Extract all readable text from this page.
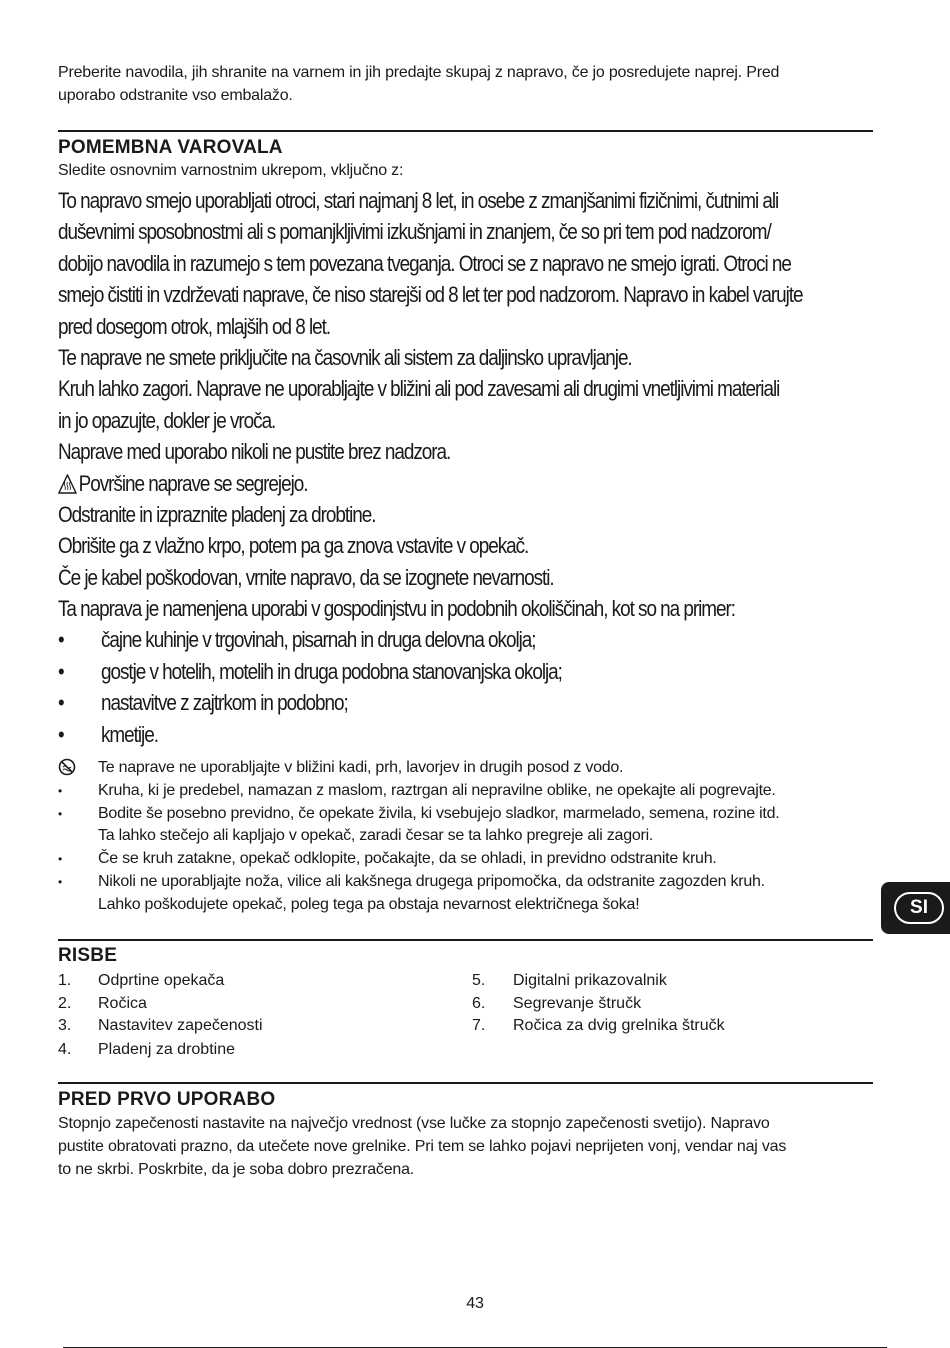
Preberite navodila, jih shranite na varnem in jih predajte skupaj z napravo, če jo posredujete naprej. Pred
uporabo odstranite vso embalažo.
POMEMBNA VAROVALA
Sledite osnovnim varnostnim ukrepom, vključno z:
To napravo smejo uporabljati otroci, stari najmanj 8 let, in osebe z zmanjšanimi fizičnimi, čutnimi ali
duševnimi sposobnostmi ali s pomanjkljivimi izkušnjami in znanjem, če so pri tem pod nadzorom/
dobijo navodila in razumejo s tem povezana tveganja. Otroci se z napravo ne smejo igrati. Otroci ne
smejo čistiti in vzdrževati naprave, če niso starejši od 8 let ter pod nadzorom. Napravo in kabel varujte
pred dosegom otrok, mlajših od 8 let.
Te naprave ne smete priključite na časovnik ali sistem za daljinsko upravljanje.
Kruh lahko zagori. Naprave ne uporabljajte v bližini ali pod zavesami ali drugimi vnetljivimi materiali
in jo opazujte, dokler je vroča.
Naprave med uporabo nikoli ne pustite brez nadzora.
Površine naprave se segrejejo.
Odstranite in izpraznite pladenj za drobtine.
Obrišite ga z vlažno krpo, potem pa ga znova vstavite v opekač.
Če je kabel poškodovan, vrnite napravo, da se izognete nevarnosti.
Ta naprava je namenjena uporabi v gospodinjstvu in podobnih okoliščinah, kot so na primer:
• čajne kuhinje v trgovinah, pisarnah in druga delovna okolja;
• gostje v hotelih, motelih in druga podobna stanovanjska okolja;
• nastavitve z zajtrkom in podobno;
• kmetije.
Te naprave ne uporabljajte v bližini kadi, prh, lavorjev in drugih posod z vodo.
• Kruha, ki je predebel, namazan z maslom, raztrgan ali nepravilne oblike, ne opekajte ali pogrevajte.
• Bodite še posebno previdno, če opekate živila, ki vsebujejo sladkor, marmelado, semena, rozine itd.
Ta lahko stečejo ali kapljajo v opekač, zaradi česar se ta lahko pregreje ali zagori.
• Če se kruh zatakne, opekač odklopite, počakajte, da se ohladi, in previdno odstranite kruh.
• Nikoli ne uporabljajte noža, vilice ali kakšnega drugega pripomočka, da odstranite zagozden kruh.
Lahko poškodujete opekač, poleg tega pa obstaja nevarnost električnega šoka!	SI
RISBE
1. Odprtine opekača
2. Ročica
3. Nastavitev zapečenosti
4. Pladenj za drobtine
5. Digitalni prikazovalnik
6. Segrevanje štručk
7. Ročica za dvig grelnika štručk
PRED PRVO UPORABO
Stopnjo zapečenosti nastavite na največjo vrednost (vse lučke za stopnjo zapečenosti svetijo). Napravo
pustite obratovati prazno, da utečete nove grelnike. Pri tem se lahko pojavi neprijeten vonj, vendar naj vas
to ne skrbi. Poskrbite, da je soba dobro prezračena.
43
